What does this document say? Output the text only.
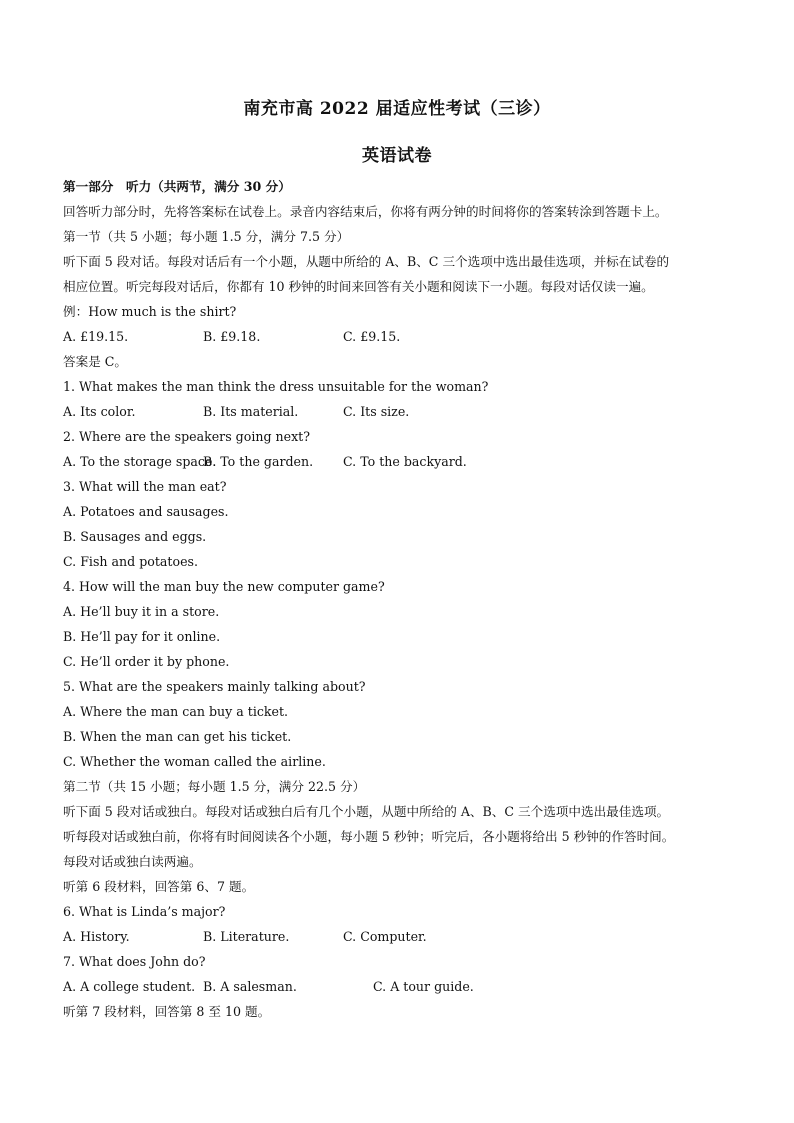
南充市高 2022 届适应性考试（三诊）
英语试卷
第一部分　听力（共两节，满分 30 分）
回答听力部分时，先将答案标在试卷上。录音内容结束后，你将有两分钟的时间将你的答案转涂到答题卡上。
第一节（共 5 小题；每小题 1.5 分，满分 7.5 分）
听下面 5 段对话。每段对话后有一个小题，从题中所给的 A、B、C 三个选项中选出最佳选项，并标在试卷的
相应位置。听完每段对话后，你都有 10 秒钟的时间来回答有关小题和阅读下一小题。每段对话仅读一遍。
例：How much is the shirt?
A. £19.15.	B. £9.18.	C. £9.15.
答案是 C。
1. What makes the man think the dress unsuitable for the woman?
A. Its color.	B. Its material.	C. Its size.
2. Where are the speakers going next?
A. To the storage space.
B. To the garden.	C. To the backyard.
3. What will the man eat?
A. Potatoes and sausages.
B. Sausages and eggs.
C. Fish and potatoes.
4. How will the man buy the new computer game?
A. He’ll buy it in a store.
B. He’ll pay for it online.
C. He’ll order it by phone.
5. What are the speakers mainly talking about?
A. Where the man can buy a ticket.
B. When the man can get his ticket.
C. Whether the woman called the airline.
第二节（共 15 小题；每小题 1.5 分，满分 22.5 分）
听下面 5 段对话或独白。每段对话或独白后有几个小题，从题中所给的 A、B、C 三个选项中选出最佳选项。
听每段对话或独白前，你将有时间阅读各个小题，每小题 5 秒钟；听完后，各小题将给出 5 秒钟的作答时间。
每段对话或独白读两遍。
听第 6 段材料，回答第 6、7 题。
6. What is Linda’s major?
A. History.	B. Literature.	C. Computer.
7. What does John do?
A. A college student. B. A salesman.	C. A tour guide.
听第 7 段材料，回答第 8 至 10 题。
